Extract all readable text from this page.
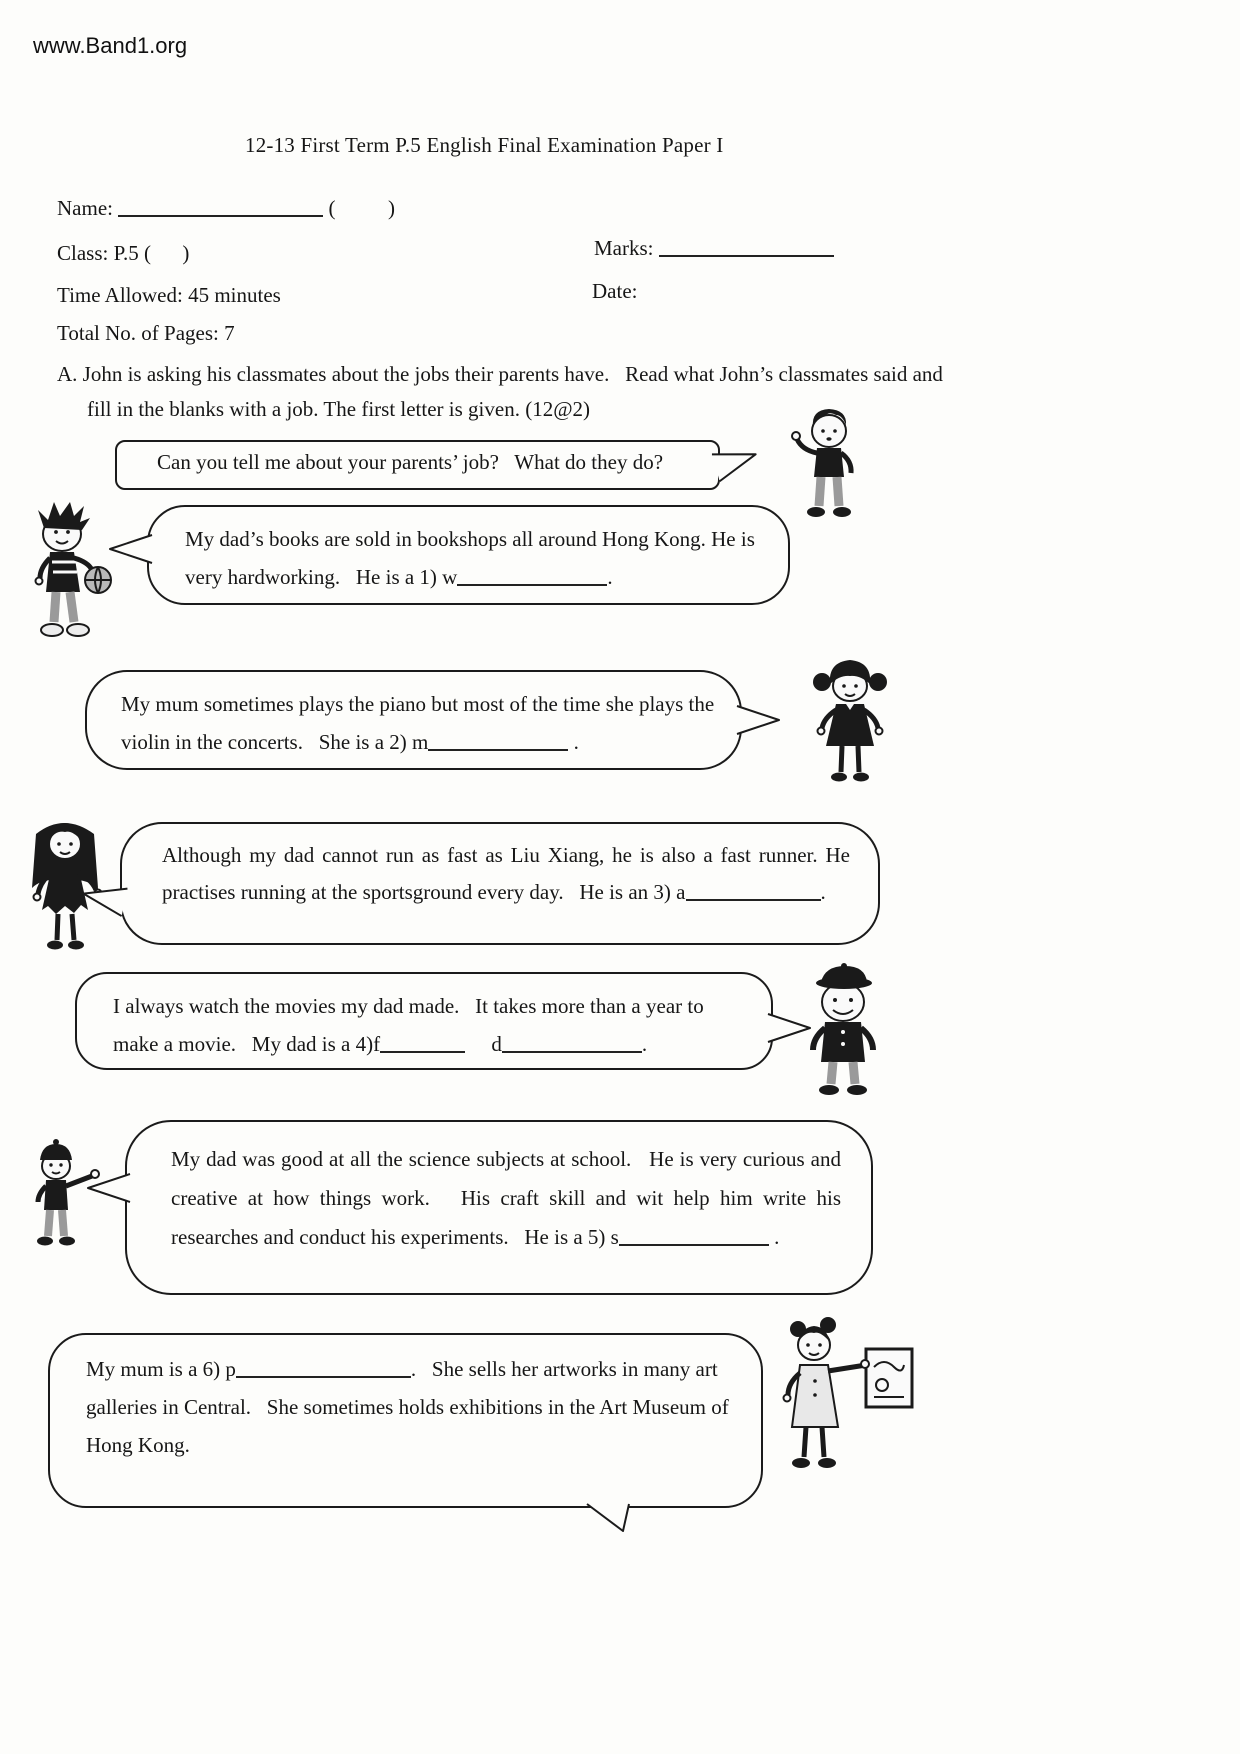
www.Band1.org
12-13 First Term P.5 English Final Examination Paper I
Name:	(          )
Class: P.5 (      )	Marks:
Time Allowed: 45 minutes	Date:
Total No. of Pages: 7
A. John is asking his classmates about the jobs their parents have.   Read what John’s classmates said and fill in the blanks with a job. The first letter is given. (12@2)
Can you tell me about your parents’ job?   What do they do?
My dad’s books are sold in bookshops all around Hong Kong. He is very hardworking.   He is a 1) w	.
My mum sometimes plays the piano but most of the time she plays the violin in the concerts.   She is a 2) m	.
Although my dad cannot run as fast as Liu Xiang, he is also a fast runner. He practises running at the sportsground every day.   He is an 3) a	.
I always watch the movies my dad made.   It takes more than a year to make a movie.   My dad is a 4)f	d	.
My dad was good at all the science subjects at school.   He is very curious and creative at how things work.   His craft skill and wit help him write his researches and conduct his experiments.   He is a 5) s	.
My mum is a 6) p	.   She sells her artworks in many art galleries in Central.   She sometimes holds exhibitions in the Art Museum of Hong Kong.
